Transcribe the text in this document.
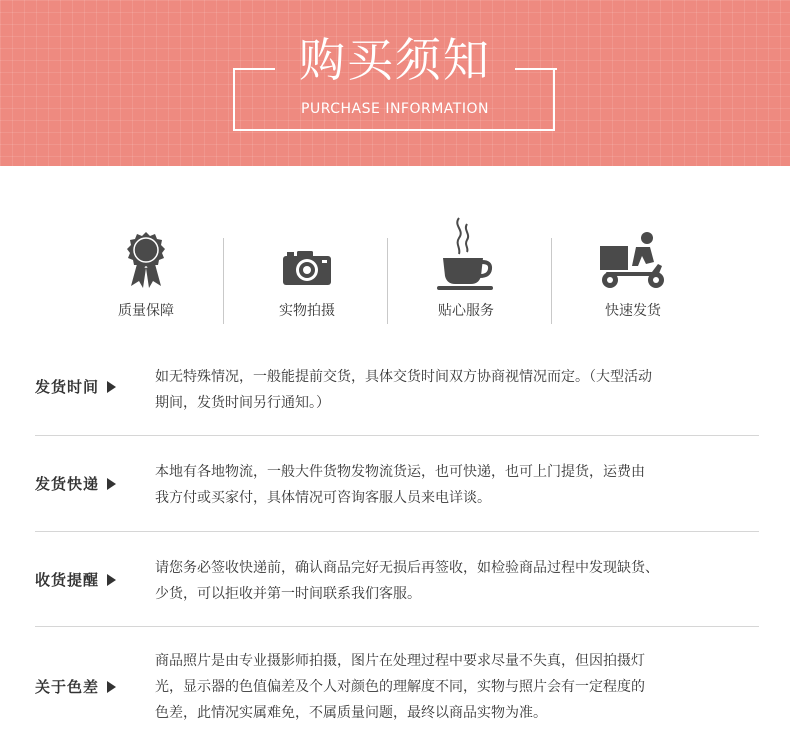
购买须知
PURCHASE INFORMATION
质量保障	实物拍摄	贴心服务	快速发货
发货时间
如无特殊情况，一般能提前交货，具体交货时间双方协商视情况而定。（大型活动
期间，发货时间另行通知。）
发货快递
本地有各地物流，一般大件货物发物流货运，也可快递，也可上门提货，运费由
我方付或买家付，具体情况可咨询客服人员来电详谈。
收货提醒
请您务必签收快递前，确认商品完好无损后再签收，如检验商品过程中发现缺货、
少货，可以拒收并第一时间联系我们客服。
关于色差
商品照片是由专业摄影师拍摄，图片在处理过程中要求尽量不失真，但因拍摄灯
光，显示器的色值偏差及个人对颜色的理解度不同，实物与照片会有一定程度的
色差，此情况实属难免，不属质量问题，最终以商品实物为准。
